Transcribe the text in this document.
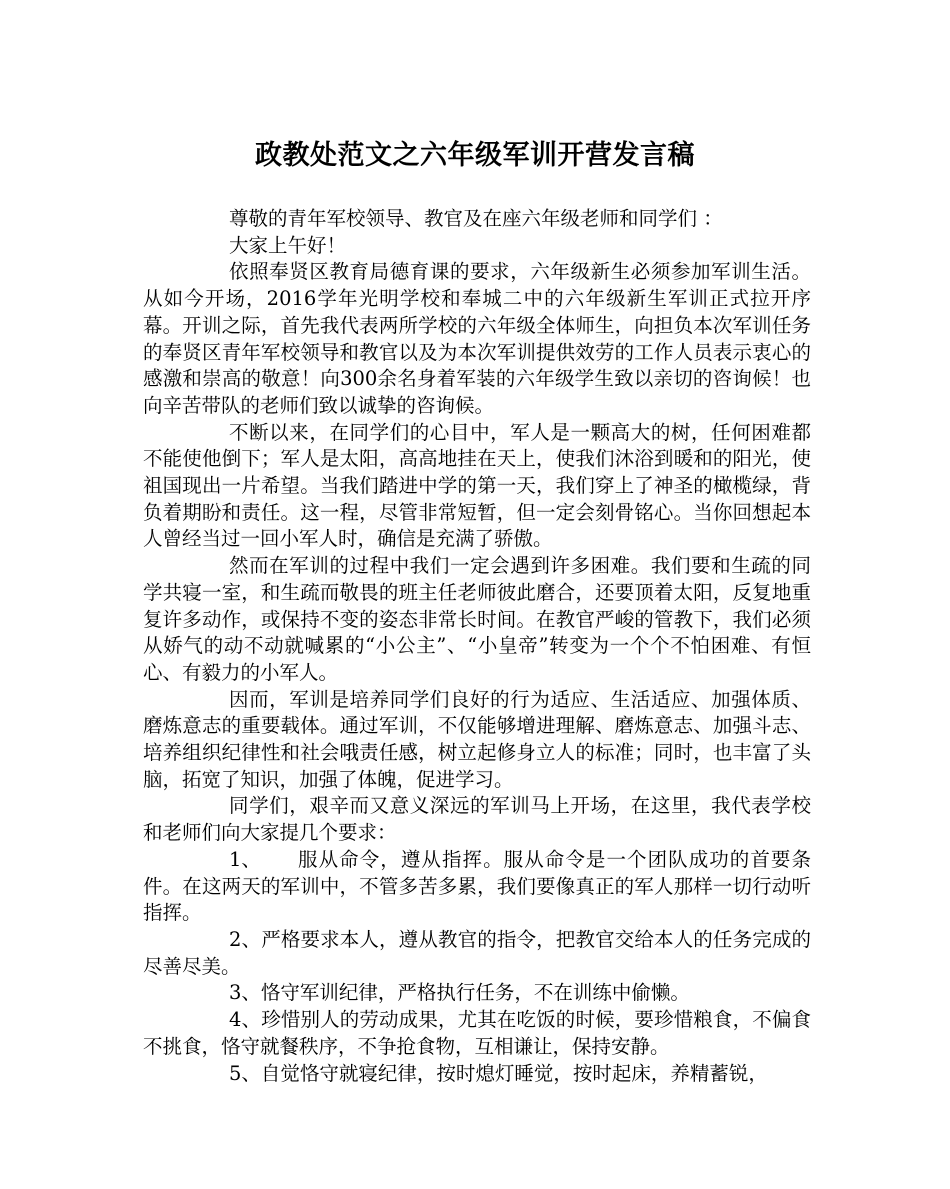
政教处范文之六年级军训开营发言稿

尊敬的青年军校领导、教官及在座六年级老师和同学们 ：

大家上午好！

依照奉贤区教育局德育课的要求，六年级新生必须参加军训生活。从如今开场，2016学年光明学校和奉城二中的六年级新生军训正式拉开序幕。开训之际，首先我代表两所学校的六年级全体师生，向担负本次军训任务的奉贤区青年军校领导和教官以及为本次军训提供效劳的工作人员表示衷心的感激和崇高的敬意！向300余名身着军装的六年级学生致以亲切的咨询候！也向辛苦带队的老师们致以诚挚的咨询候。

不断以来，在同学们的心目中，军人是一颗高大的树，任何困难都不能使他倒下；军人是太阳，高高地挂在天上，使我们沐浴到暖和的阳光，使祖国现出一片希望。当我们踏进中学的第一天，我们穿上了神圣的橄榄绿，背负着期盼和责任。这一程，尽管非常短暂，但一定会刻骨铭心。当你回想起本人曾经当过一回小军人时，确信是充满了骄傲。

然而在军训的过程中我们一定会遇到许多困难。我们要和生疏的同学共寝一室，和生疏而敬畏的班主任老师彼此磨合，还要顶着太阳，反复地重复许多动作，或保持不变的姿态非常长时间。在教官严峻的管教下，我们必须从娇气的动不动就喊累的“小公主”、“小皇帝”转变为一个个不怕困难、有恒心、有毅力的小军人。

因而，军训是培养同学们良好的行为适应、生活适应、加强体质、磨炼意志的重要载体。通过军训，不仅能够增进理解、磨炼意志、加强斗志、培养组织纪律性和社会哦责任感，树立起修身立人的标准；同时，也丰富了头脑，拓宽了知识，加强了体魄，促进学习。

同学们，艰辛而又意义深远的军训马上开场，在这里，我代表学校和老师们向大家提几个要求：

1、 服从命令，遵从指挥。服从命令是一个团队成功的首要条件。在这两天的军训中，不管多苦多累，我们要像真正的军人那样一切行动听指挥。

2、严格要求本人，遵从教官的指令，把教官交给本人的任务完成的尽善尽美。

3、恪守军训纪律，严格执行任务，不在训练中偷懒。

4、珍惜别人的劳动成果，尤其在吃饭的时候，要珍惜粮食，不偏食不挑食，恪守就餐秩序，不争抢食物，互相谦让，保持安静。

5、自觉恪守就寝纪律，按时熄灯睡觉，按时起床，养精蓄锐，
